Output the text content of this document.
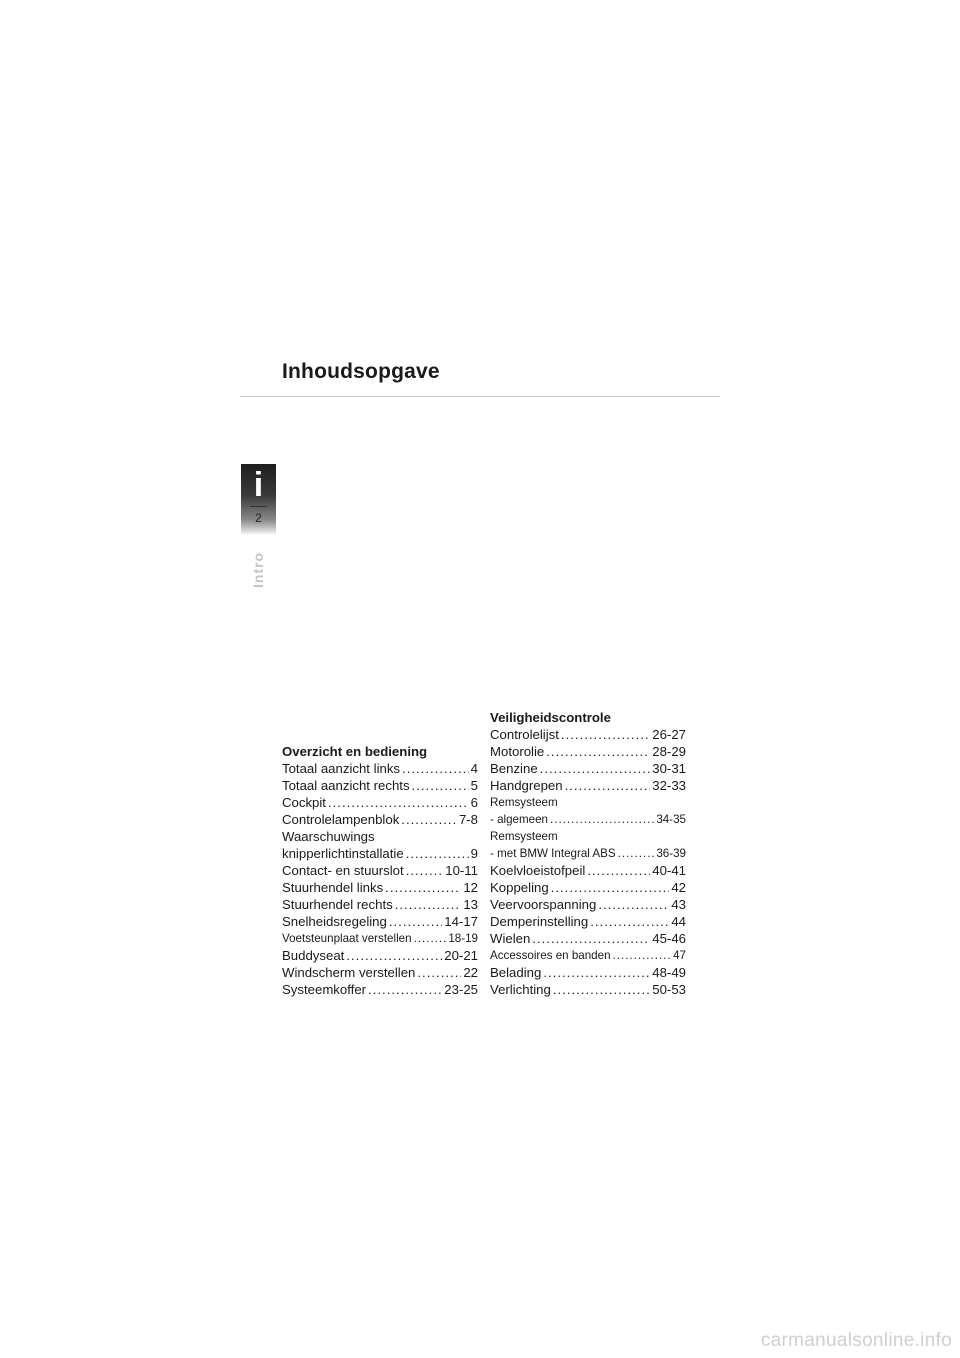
Inhoudsopgave
i
2
Intro
Overzicht en bediening
Totaal aanzicht links .....	4
Totaal aanzicht rechts .....	5
Cockpit .....	6
Controlelampenblok .....	7-8
Waarschuwings
knipperlichtinstallatie .....	9
Contact- en stuurslot .....	10-11
Stuurhendel links .....	12
Stuurhendel rechts .....	13
Snelheidsregeling .....	14-17
Voetsteunplaat verstellen .....	18-19
Buddyseat .....	20-21
Windscherm verstellen .....	22
Systeemkoffer .....	23-25
Veiligheidscontrole
Controlelijst .....	26-27
Motorolie .....	28-29
Benzine .....	30-31
Handgrepen .....	32-33
Remsysteem
- algemeen .....	34-35
Remsysteem
- met BMW Integral ABS .....	36-39
Koelvloeistofpeil .....	40-41
Koppeling .....	42
Veervoorspanning .....	43
Demperinstelling .....	44
Wielen .....	45-46
Accessoires en banden .....	47
Belading .....	48-49
Verlichting .....	50-53
carmanualsonline.info
